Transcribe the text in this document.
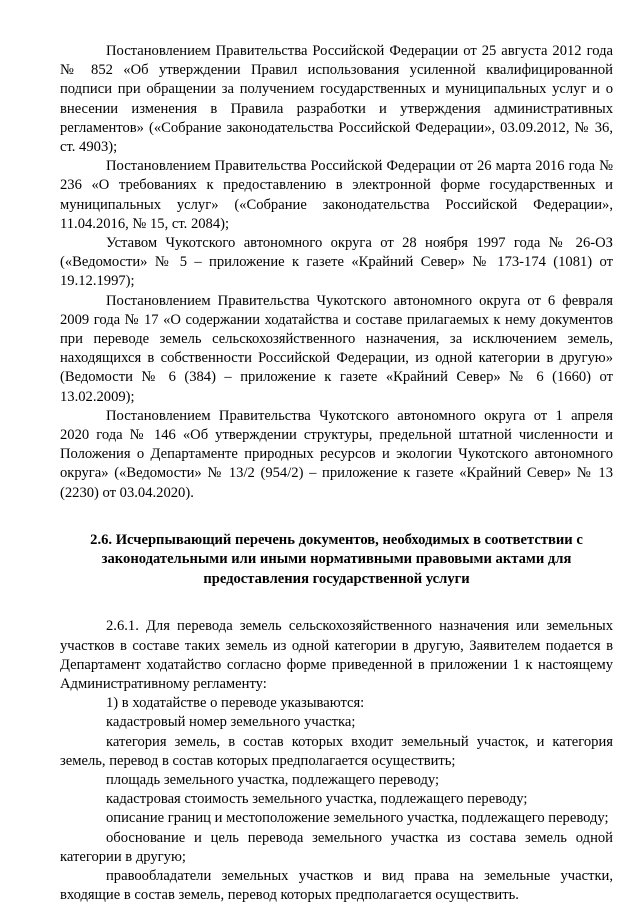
Постановлением Правительства Российской Федерации от 25 августа 2012 года № 852 «Об утверждении Правил использования усиленной квалифицированной подписи при обращении за получением государственных и муниципальных услуг и о внесении изменения в Правила разработки и утверждения административных регламентов» («Собрание законодательства Российской Федерации», 03.09.2012, № 36, ст. 4903);

Постановлением Правительства Российской Федерации от 26 марта 2016 года № 236 «О требованиях к предоставлению в электронной форме государственных и муниципальных услуг» («Собрание законодательства Российской Федерации», 11.04.2016, № 15, ст. 2084);

Уставом Чукотского автономного округа от 28 ноября 1997 года № 26-ОЗ («Ведомости» № 5 – приложение к газете «Крайний Север» № 173-174 (1081) от 19.12.1997);

Постановлением Правительства Чукотского автономного округа от 6 февраля 2009 года № 17 «О содержании ходатайства и составе прилагаемых к нему документов при переводе земель сельскохозяйственного назначения, за исключением земель, находящихся в собственности Российской Федерации, из одной категории в другую» (Ведомости № 6 (384) – приложение к газете «Крайний Север» № 6 (1660) от 13.02.2009);

Постановлением Правительства Чукотского автономного округа от 1 апреля 2020 года № 146 «Об утверждении структуры, предельной штатной численности и Положения о Департаменте природных ресурсов и экологии Чукотского автономного округа» («Ведомости» № 13/2 (954/2) – приложение к газете «Крайний Север» № 13 (2230) от 03.04.2020).

2.6. Исчерпывающий перечень документов, необходимых в соответствии с законодательными или иными нормативными правовыми актами для предоставления государственной услуги

2.6.1. Для перевода земель сельскохозяйственного назначения или земельных участков в составе таких земель из одной категории в другую, Заявителем подается в Департамент ходатайство согласно форме приведенной в приложении 1 к настоящему Административному регламенту:

1) в ходатайстве о переводе указываются:

кадастровый номер земельного участка;

категория земель, в состав которых входит земельный участок, и категория земель, перевод в состав которых предполагается осуществить;

площадь земельного участка, подлежащего переводу;

кадастровая стоимость земельного участка, подлежащего переводу;

описание границ и местоположение земельного участка, подлежащего переводу;

обоснование и цель перевода земельного участка из состава земель одной категории в другую;

правообладатели земельных участков и вид права на земельные участки, входящие в состав земель, перевод которых предполагается осуществить.
